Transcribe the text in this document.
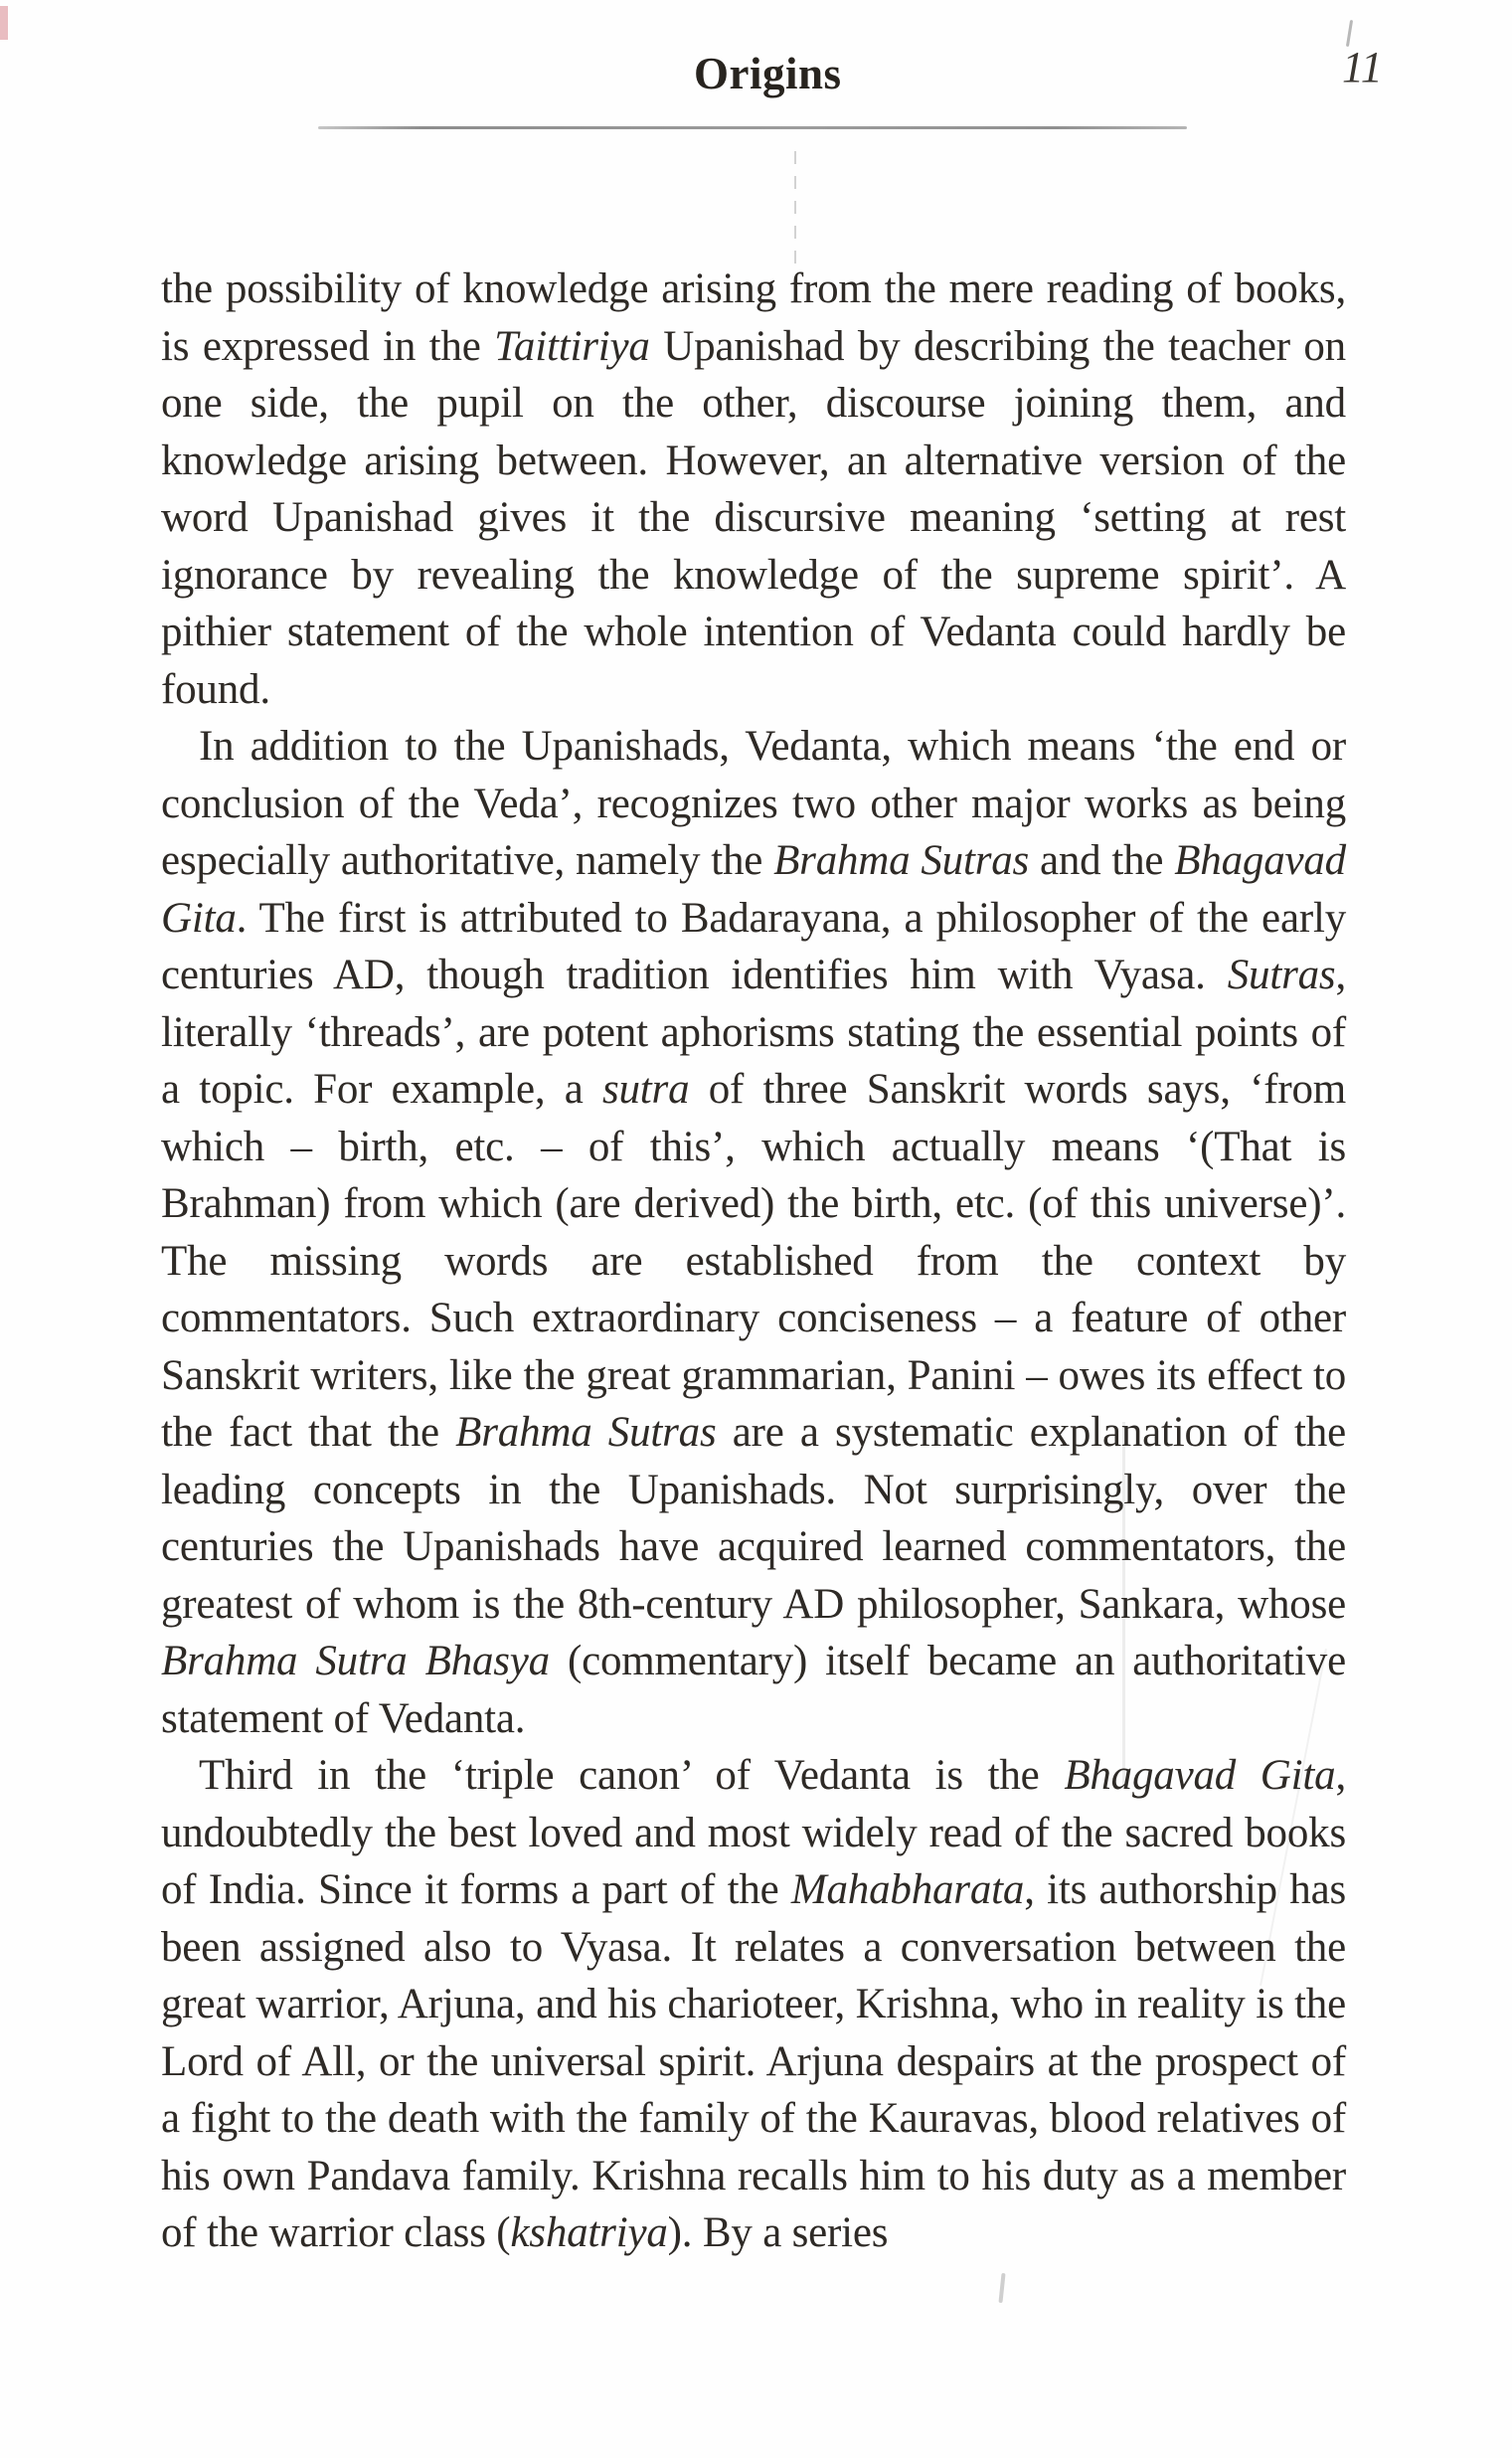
Origins	11

the possibility of knowledge arising from the mere reading of books, is expressed in the Taittiriya Upanishad by describing the teacher on one side, the pupil on the other, discourse joining them, and knowledge arising between. However, an alternative version of the word Upanishad gives it the discursive meaning ‘setting at rest ignorance by revealing the knowledge of the supreme spirit’. A pithier statement of the whole intention of Vedanta could hardly be found.

In addition to the Upanishads, Vedanta, which means ‘the end or conclusion of the Veda’, recognizes two other major works as being especially authoritative, namely the Brahma Sutras and the Bhagavad Gita. The first is attributed to Badarayana, a philosopher of the early centuries AD, though tradition identifies him with Vyasa. Sutras, literally ‘threads’, are potent aphorisms stating the essential points of a topic. For example, a sutra of three Sanskrit words says, ‘from which – birth, etc. – of this’, which actually means ‘(That is Brahman) from which (are derived) the birth, etc. (of this universe)’. The missing words are established from the context by commentators. Such extraordinary conciseness – a feature of other Sanskrit writers, like the great grammarian, Panini – owes its effect to the fact that the Brahma Sutras are a systematic explanation of the leading concepts in the Upanishads. Not surprisingly, over the centuries the Upanishads have acquired learned commentators, the greatest of whom is the 8th-century AD philosopher, Sankara, whose Brahma Sutra Bhasya (commentary) itself became an authoritative statement of Vedanta.

Third in the ‘triple canon’ of Vedanta is the Bhagavad Gita, undoubtedly the best loved and most widely read of the sacred books of India. Since it forms a part of the Mahabharata, its authorship has been assigned also to Vyasa. It relates a conversation between the great warrior, Arjuna, and his charioteer, Krishna, who in reality is the Lord of All, or the universal spirit. Arjuna despairs at the prospect of a fight to the death with the family of the Kauravas, blood relatives of his own Pandava family. Krishna recalls him to his duty as a member of the warrior class (kshatriya). By a series
